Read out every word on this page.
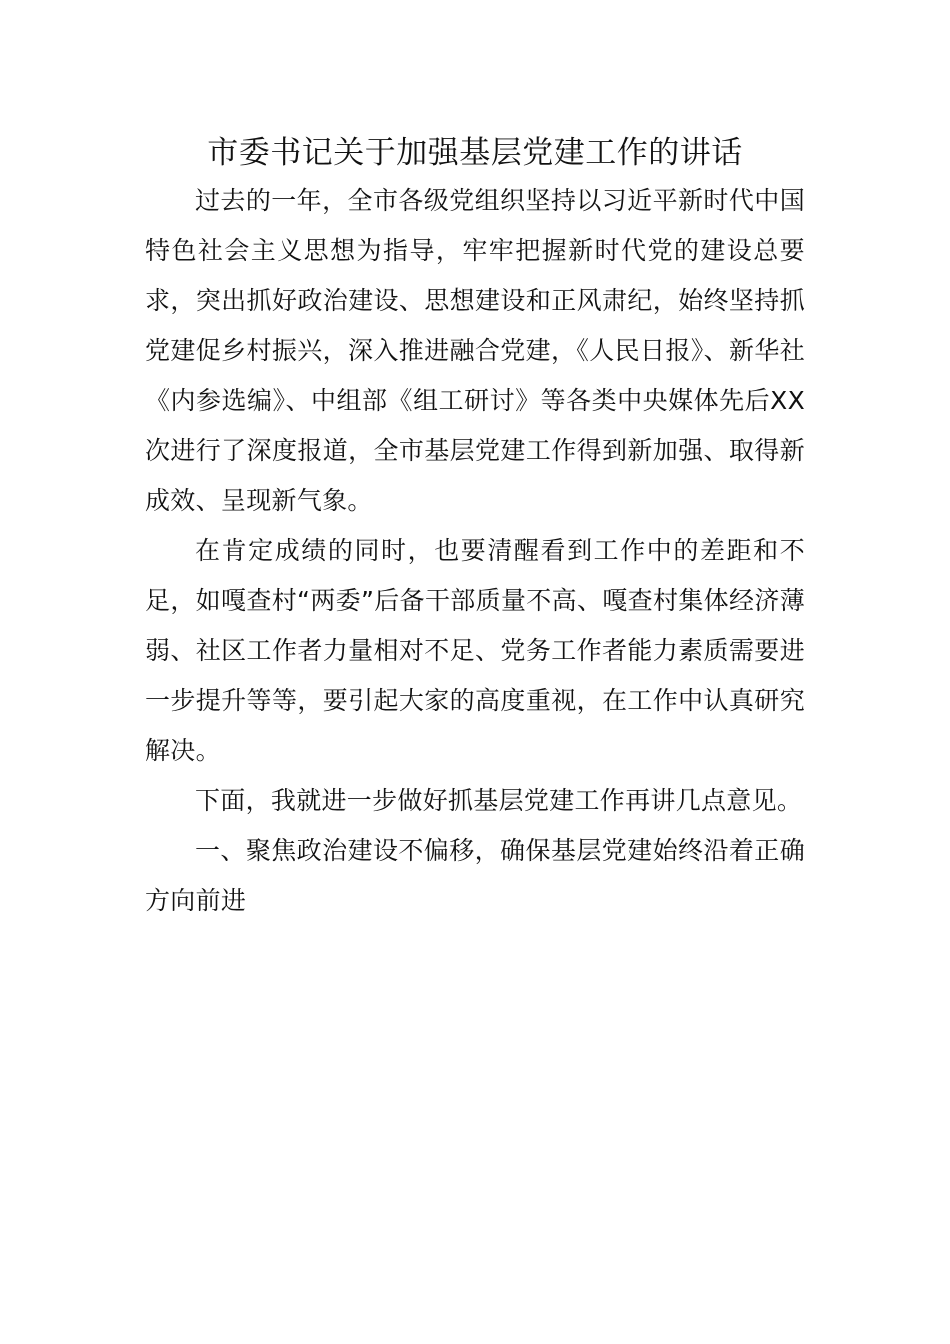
市委书记关于加强基层党建工作的讲话

过去的一年，全市各级党组织坚持以习近平新时代中国特色社会主义思想为指导，牢牢把握新时代党的建设总要求，突出抓好政治建设、思想建设和正风肃纪，始终坚持抓党建促乡村振兴，深入推进融合党建，《人民日报》、新华社《内参选编》、中组部《组工研讨》等各类中央媒体先后XX次进行了深度报道，全市基层党建工作得到新加强、取得新成效、呈现新气象。

在肯定成绩的同时，也要清醒看到工作中的差距和不足，如嘎查村“两委”后备干部质量不高、嘎查村集体经济薄弱、社区工作者力量相对不足、党务工作者能力素质需要进一步提升等等，要引起大家的高度重视，在工作中认真研究解决。

下面，我就进一步做好抓基层党建工作再讲几点意见。

一、聚焦政治建设不偏移，确保基层党建始终沿着正确方向前进
